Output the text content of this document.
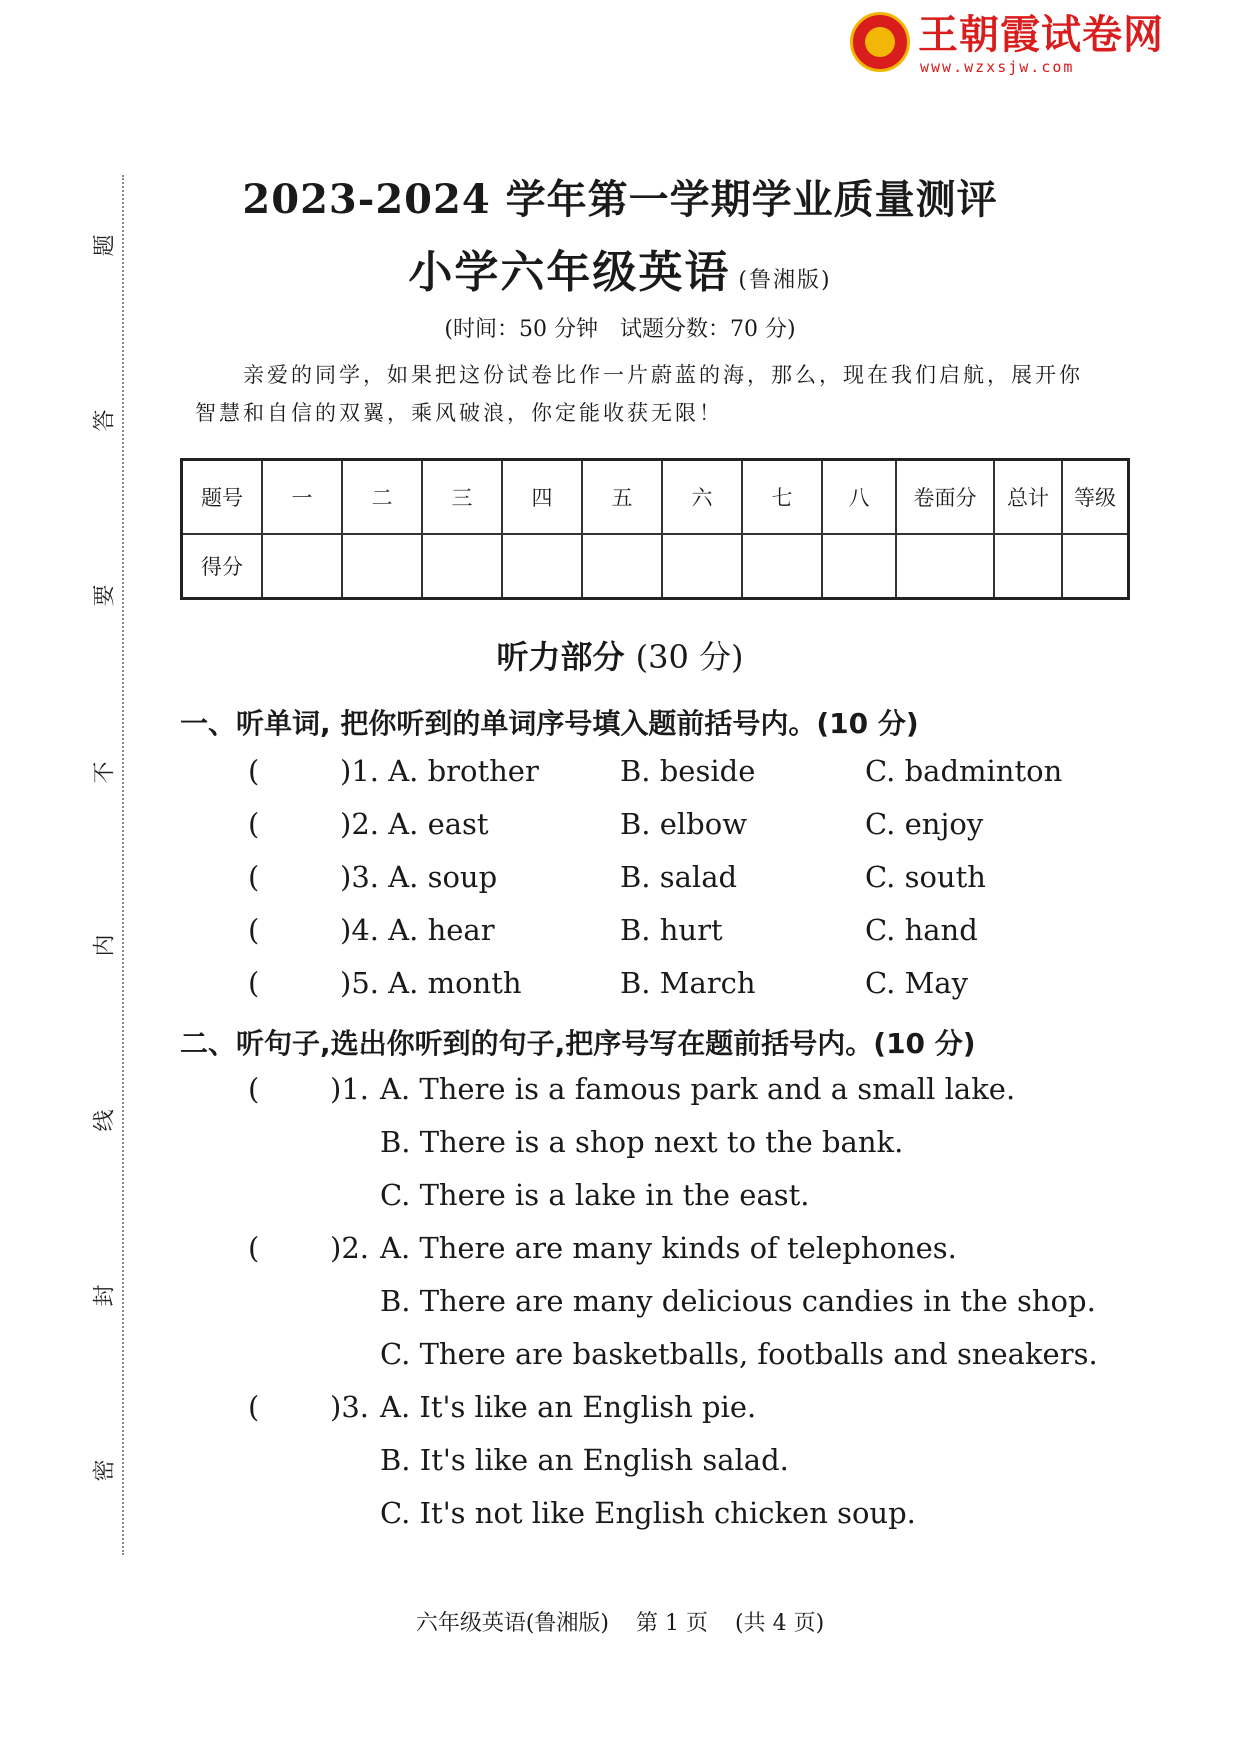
王朝霞试卷网
www.wzxsjw.com
题
答
要
不
内
线
封
密
2023-2024 学年第一学期学业质量测评
小学六年级英语 (鲁湘版)
(时间：50 分钟　试题分数：70 分)
亲爱的同学，如果把这份试卷比作一片蔚蓝的海，那么，现在我们启航，展开你
智慧和自信的双翼，乘风破浪，你定能收获无限！
题号	一	二	三	四	五	六	七	八	卷面分	总计	等级
得分											
听力部分 (30 分)
一、听单词, 把你听到的单词序号填入题前括号内。(10 分)
(	)1. A. brother	B. beside	C. badminton
(	)2. A. east	B. elbow	C. enjoy
(	)3. A. soup	B. salad	C. south
(	)4. A. hear	B. hurt	C. hand
(	)5. A. month	B. March	C. May
二、听句子,选出你听到的句子,把序号写在题前括号内。(10 分)
( )1. A. There is a famous park and a small lake.
B. There is a shop next to the bank.
C. There is a lake in the east.
( )2. A. There are many kinds of telephones.
B. There are many delicious candies in the shop.
C. There are basketballs, footballs and sneakers.
( )3. A. It's like an English pie.
B. It's like an English salad.
C. It's not like English chicken soup.
六年级英语(鲁湘版) 第 1 页 (共 4 页)
